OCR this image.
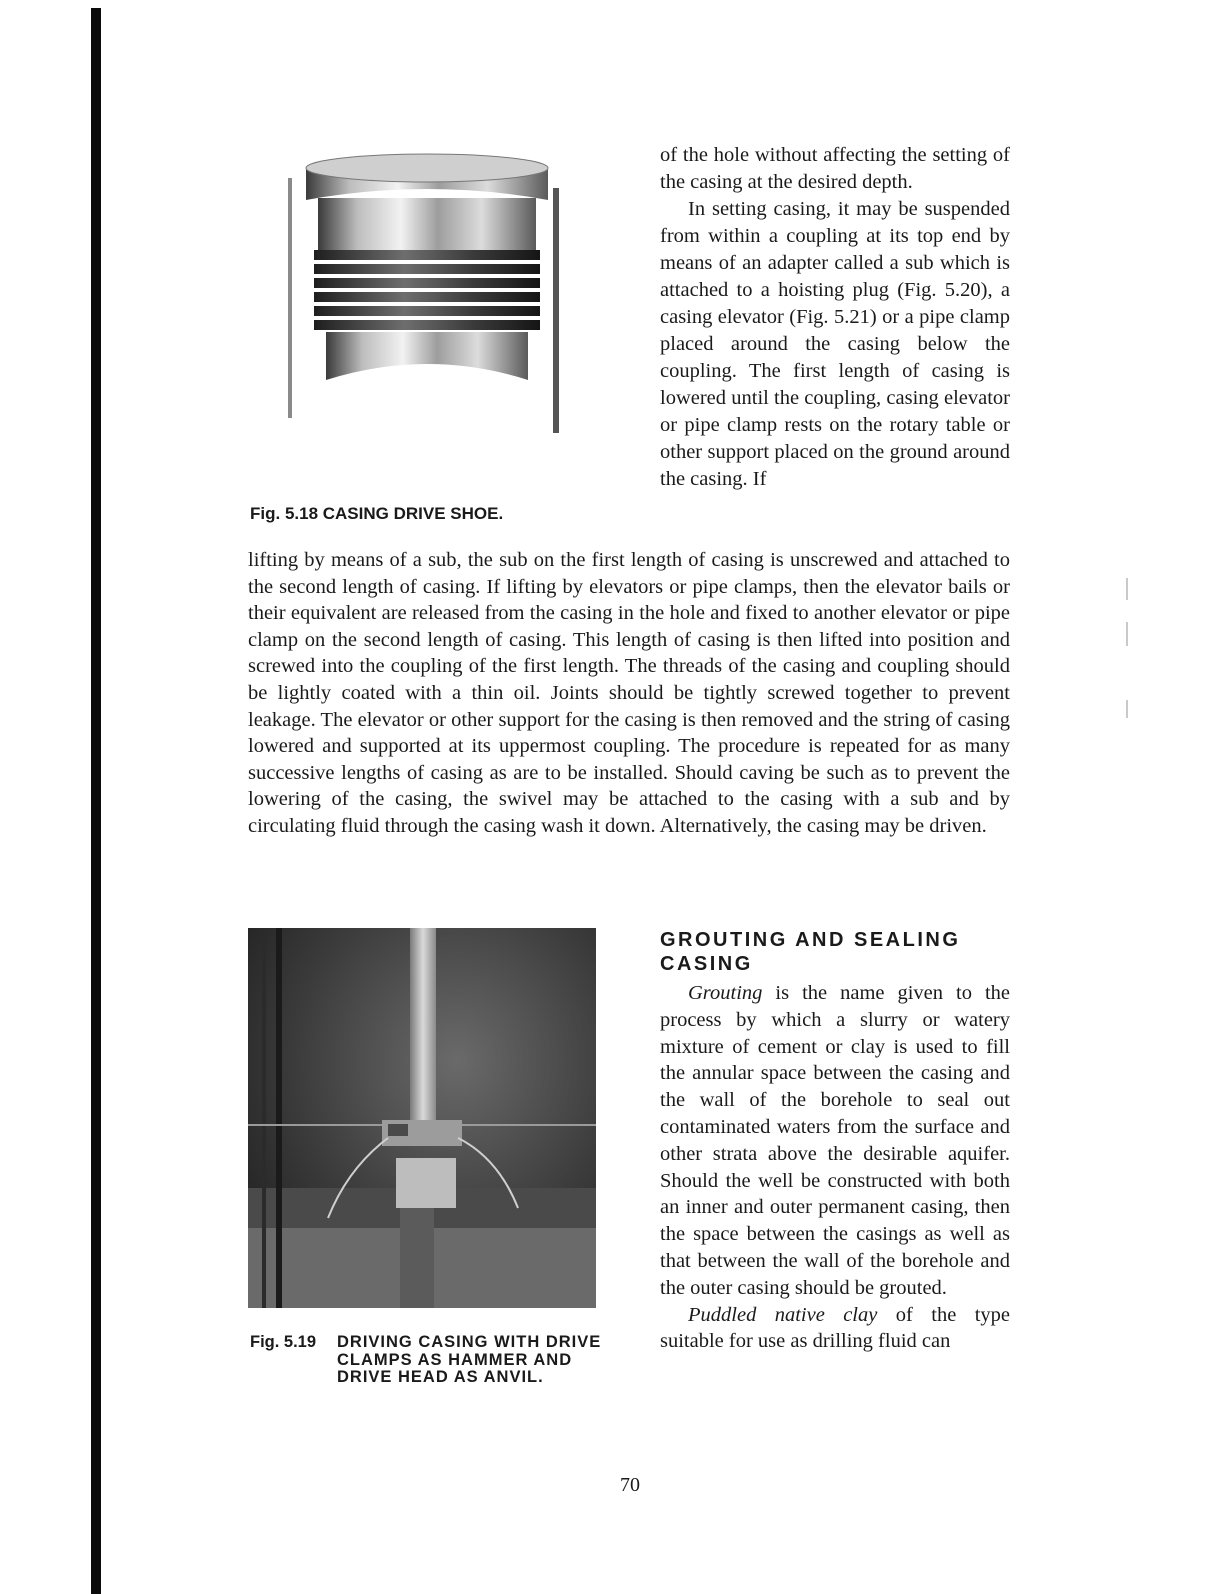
Fig. 5.18 CASING DRIVE SHOE.

of the hole without affecting the setting of the casing at the desired depth.

In setting casing, it may be suspended from within a coupling at its top end by means of an adapter called a sub which is attached to a hoisting plug (Fig. 5.20), a casing elevator (Fig. 5.21) or a pipe clamp placed around the casing below the coupling. The first length of casing is lowered until the coupling, casing elevator or pipe clamp rests on the rotary table or other support placed on the ground around the casing. If

lifting by means of a sub, the sub on the first length of casing is unscrewed and attached to the second length of casing. If lifting by elevators or pipe clamps, then the elevator bails or their equivalent are released from the casing in the hole and fixed to another elevator or pipe clamp on the second length of casing. This length of casing is then lifted into position and screwed into the coupling of the first length. The threads of the casing and coupling should be lightly coated with a thin oil. Joints should be tightly screwed together to prevent leakage. The elevator or other support for the casing is then removed and the string of casing lowered and supported at its uppermost coupling. The procedure is repeated for as many successive lengths of casing as are to be installed. Should caving be such as to prevent the lowering of the casing, the swivel may be attached to the casing with a sub and by circulating fluid through the casing wash it down. Alternatively, the casing may be driven.

Fig. 5.19 DRIVING CASING WITH DRIVE CLAMPS AS HAMMER AND DRIVE HEAD AS ANVIL.
GROUTING AND SEALING CASING

Grouting is the name given to the process by which a slurry or watery mixture of cement or clay is used to fill the annular space between the casing and the wall of the borehole to seal out contaminated waters from the surface and other strata above the desirable aquifer. Should the well be constructed with both an inner and outer permanent casing, then the space between the casings as well as that between the wall of the borehole and the outer casing should be grouted.

Puddled native clay of the type suitable for use as drilling fluid can

70
